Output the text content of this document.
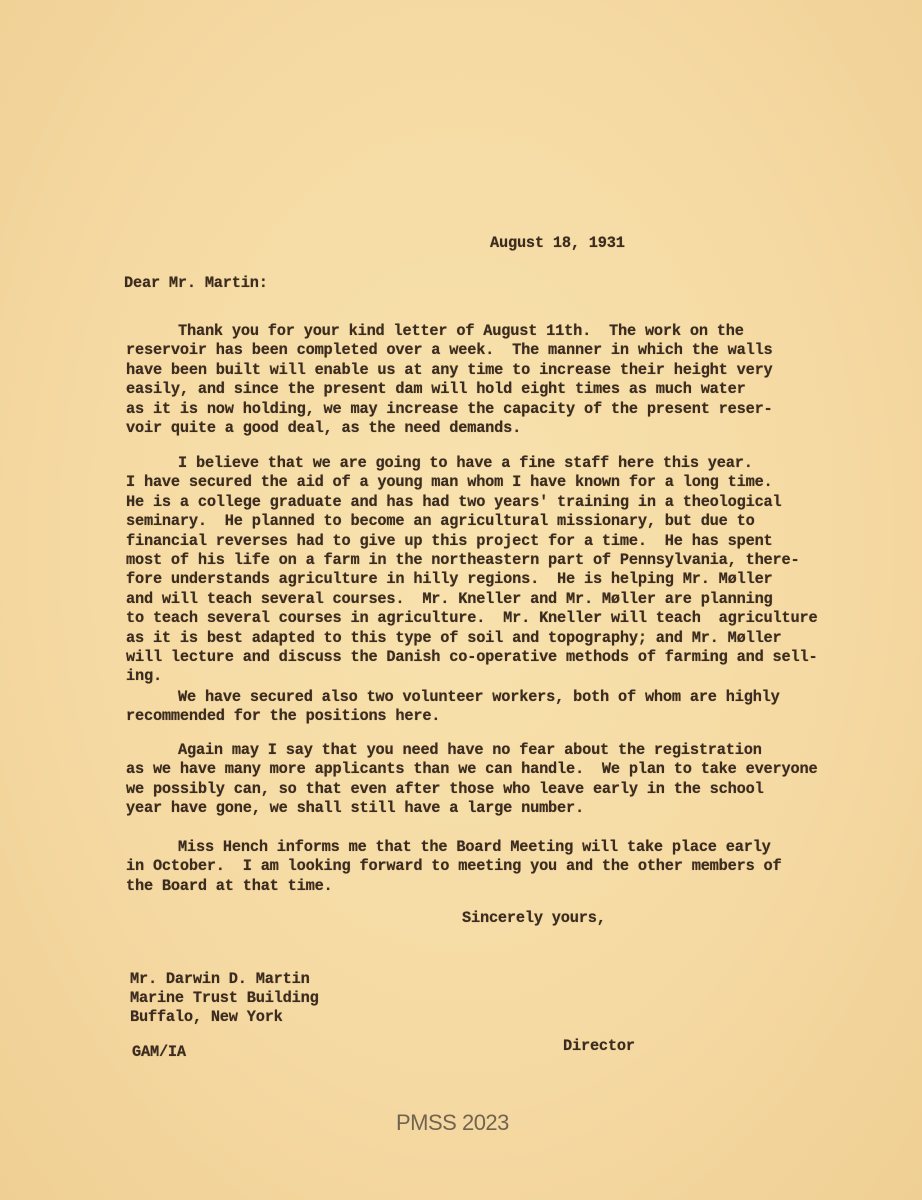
August 18, 1931
Dear Mr. Martin:
Thank you for your kind letter of August 11th.  The work on the
reservoir has been completed over a week.  The manner in which the walls
have been built will enable us at any time to increase their height very
easily, and since the present dam will hold eight times as much water
as it is now holding, we may increase the capacity of the present reser-
voir quite a good deal, as the need demands.
I believe that we are going to have a fine staff here this year.
I have secured the aid of a young man whom I have known for a long time.
He is a college graduate and has had two years' training in a theological
seminary.  He planned to become an agricultural missionary, but due to
financial reverses had to give up this project for a time.  He has spent
most of his life on a farm in the northeastern part of Pennsylvania, there-
fore understands agriculture in hilly regions.  He is helping Mr. Møller
and will teach several courses.  Mr. Kneller and Mr. Møller are planning
to teach several courses in agriculture.  Mr. Kneller will teach  agriculture
as it is best adapted to this type of soil and topography; and Mr. Møller
will lecture and discuss the Danish co-operative methods of farming and sell-
ing.
We have secured also two volunteer workers, both of whom are highly
recommended for the positions here.
Again may I say that you need have no fear about the registration
as we have many more applicants than we can handle.  We plan to take everyone
we possibly can, so that even after those who leave early in the school
year have gone, we shall still have a large number.
Miss Hench informs me that the Board Meeting will take place early
in October.  I am looking forward to meeting you and the other members of
the Board at that time.
Sincerely yours,
Mr. Darwin D. Martin
Marine Trust Building
Buffalo, New York
GAM/IA	Director
PMSS 2023
